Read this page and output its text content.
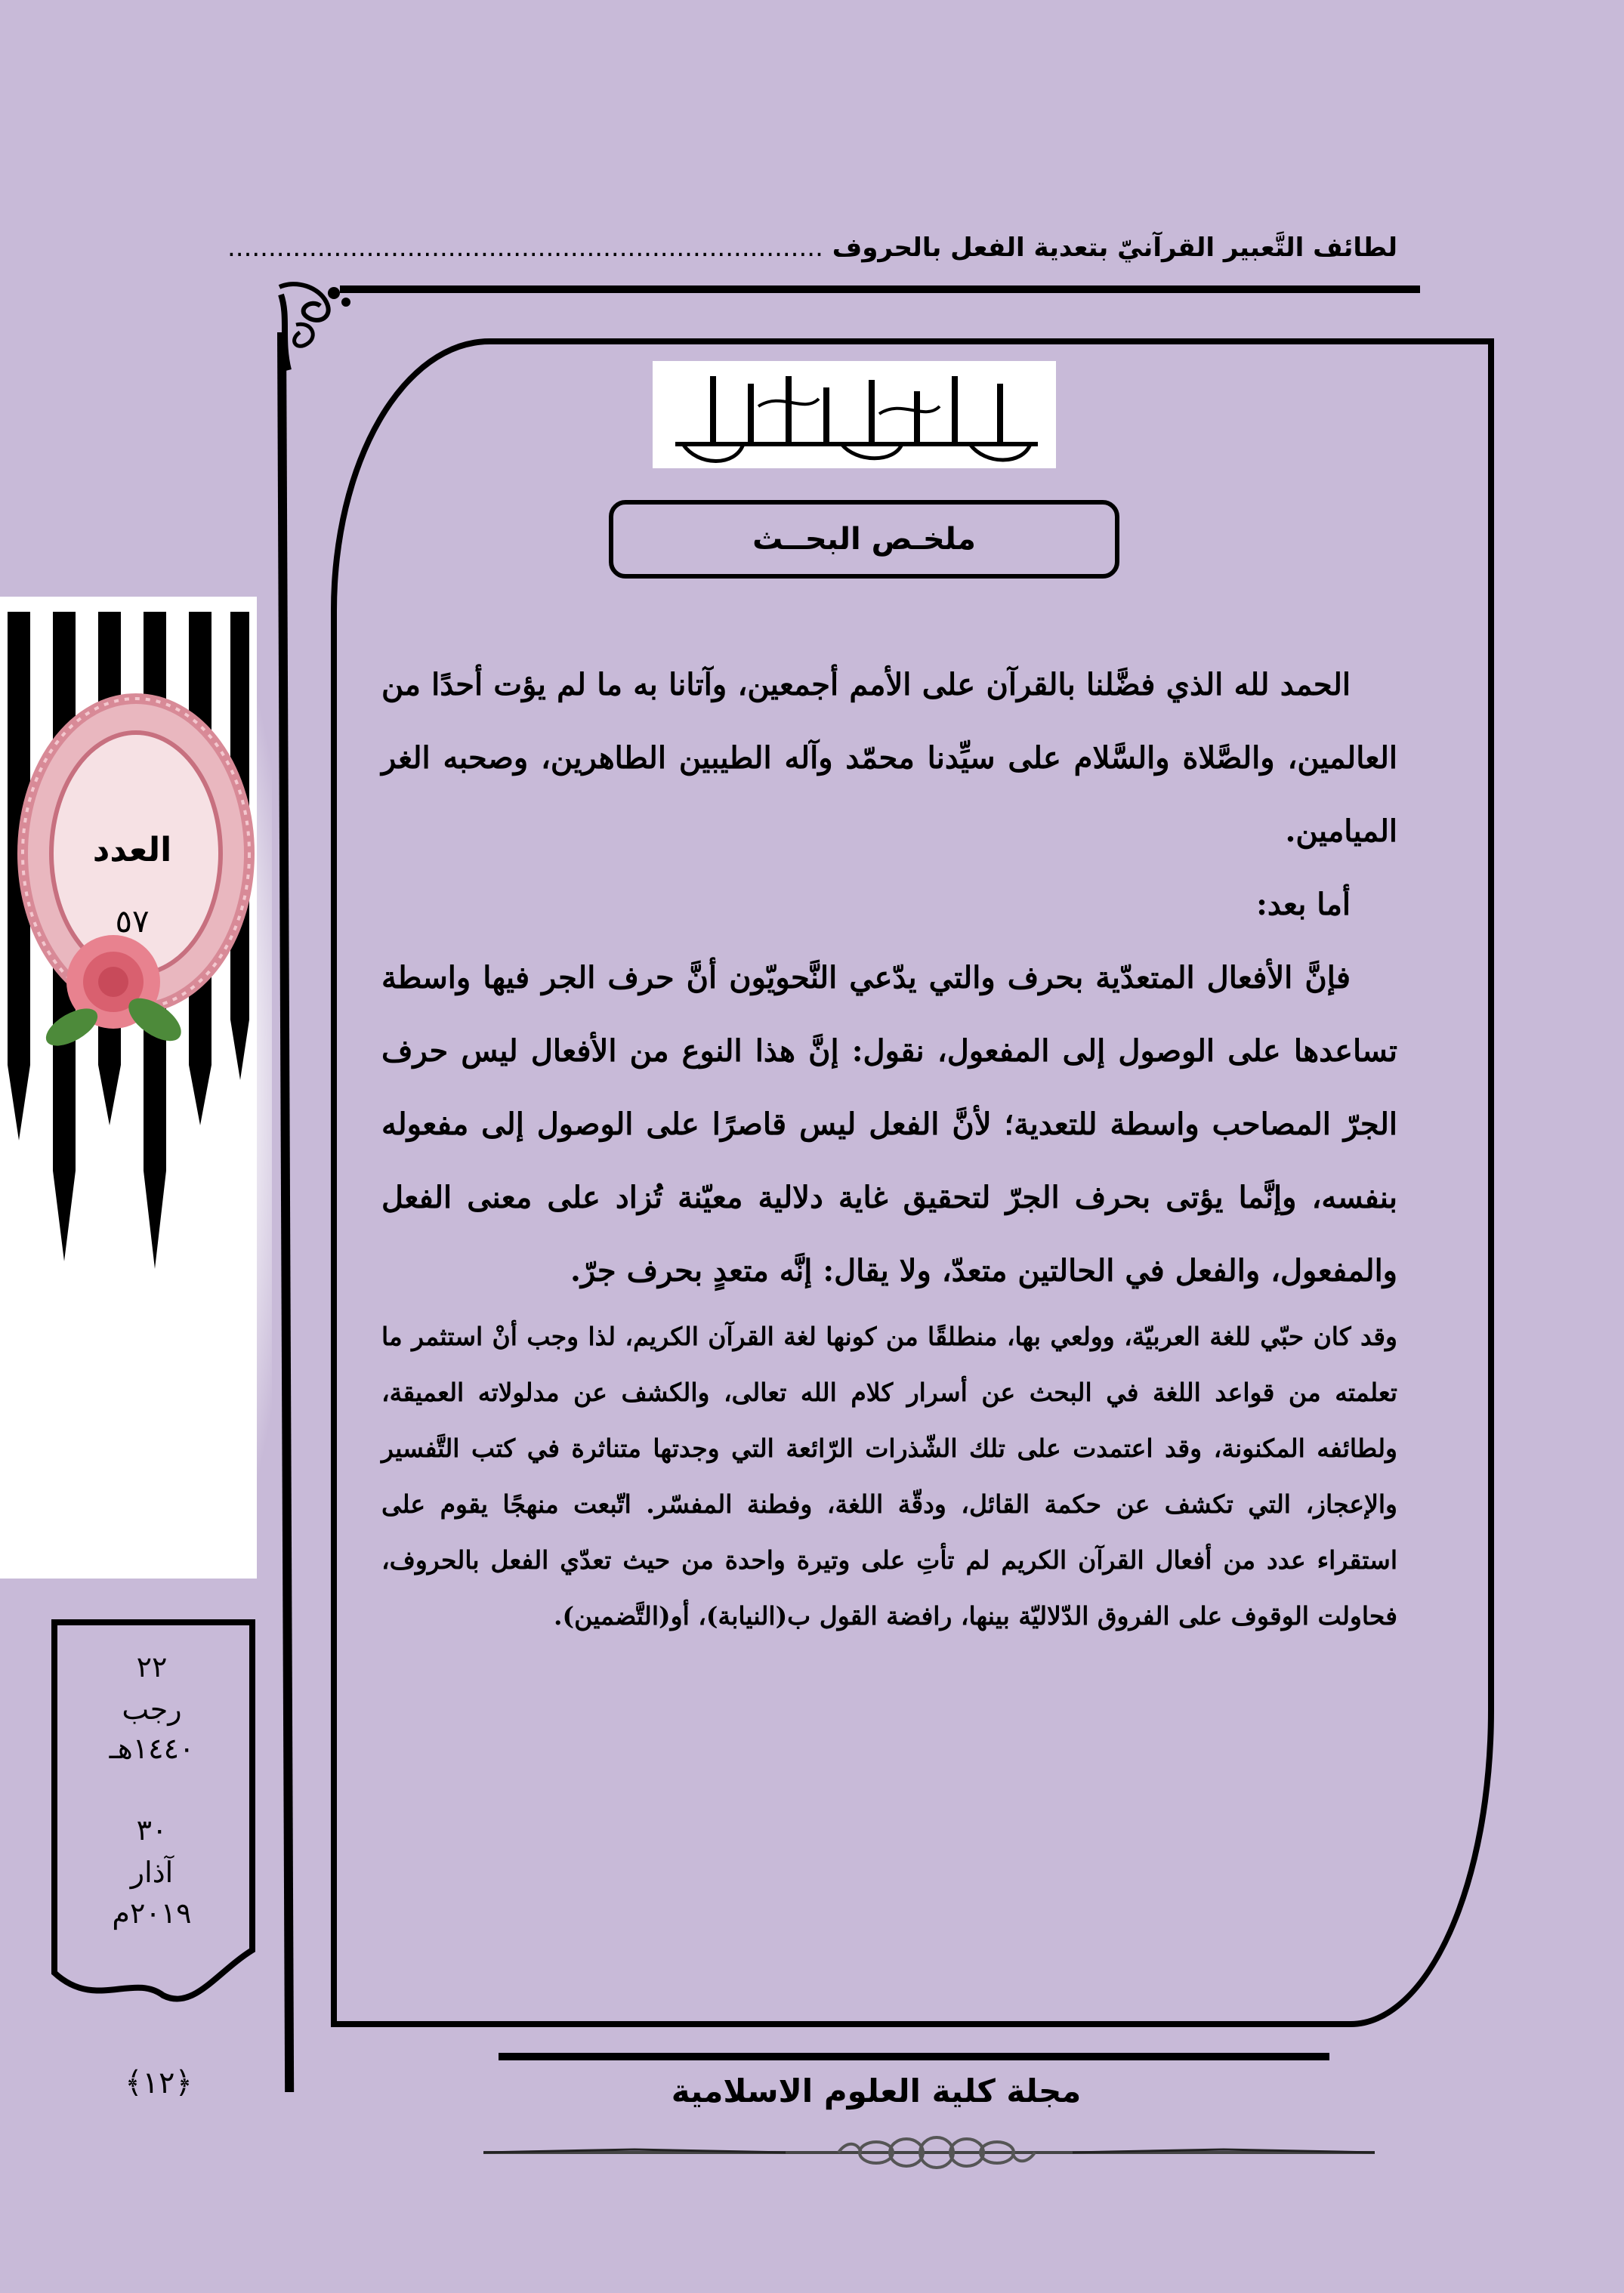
لطائف التَّعبير القرآنيّ بتعدية الفعل بالحروف .........................................................................
بسم الله الرحمن الرحيم
ملخـص البحــث

الحمد لله الذي فضَّلنا بالقرآن على الأمم أجمعين، وآتانا به ما لم يؤت أحدًا من العالمين، والصَّلاة والسَّلام على سيِّدنا محمّد وآله الطيبين الطاهرين، وصحبه الغر الميامين.

أما بعد:

فإنَّ الأفعال المتعدّية بحرف والتي يدّعي النَّحويّون أنَّ حرف الجر فيها واسطة تساعدها على الوصول إلى المفعول، نقول: إنَّ هذا النوع من الأفعال ليس حرف الجرّ المصاحب واسطة للتعدية؛ لأنَّ الفعل ليس قاصرًا على الوصول إلى مفعوله بنفسه، وإنَّما يؤتى بحرف الجرّ لتحقيق غاية دلالية معيّنة تُزاد على معنى الفعل والمفعول، والفعل في الحالتين متعدّ، ولا يقال: إنَّه متعدٍ بحرف جرّ.

وقد كان حبّي للغة العربيّة، وولعي بها، منطلقًا من كونها لغة القرآن الكريم، لذا وجب أنْ استثمر ما تعلمته من قواعد اللغة في البحث عن أسرار كلام الله تعالى، والكشف عن مدلولاته العميقة، ولطائفه المكنونة، وقد اعتمدت على تلك الشّذرات الرّائعة التي وجدتها متناثرة في كتب التَّفسير والإعجاز، التي تكشف عن حكمة القائل، ودقّة اللغة، وفطنة المفسّر. اتّبعت منهجًا يقوم على استقراء عدد من أفعال القرآن الكريم لم تأتِ على وتيرة واحدة من حيث تعدّي الفعل بالحروف، فحاولت الوقوف على الفروق الدّلاليّة بينها، رافضة القول ب(النيابة)، أو(التَّضمين).

مجلة كلية العلوم الاسلامية
العدد
٥٧
٢٢
رجب
١٤٤٠هـ
٣٠
آذار
٢٠١٩م
﴿١٢﴾
